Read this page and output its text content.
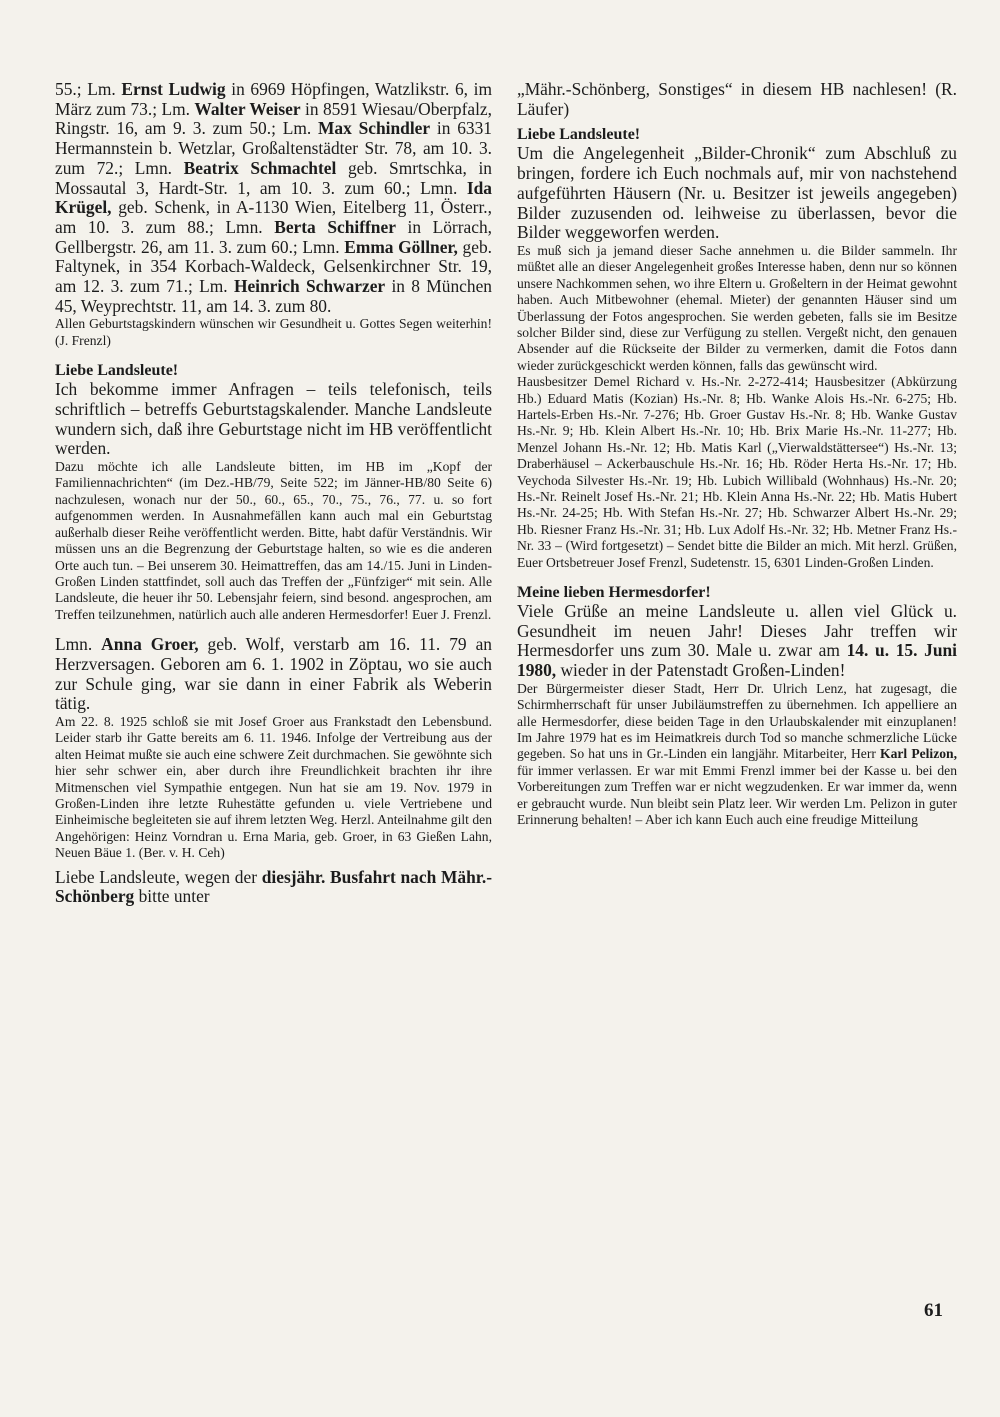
55.; Lm. Ernst Ludwig in 6969 Höpfingen, Watzlikstr. 6, im März zum 73.; Lm. Walter Weiser in 8591 Wiesau/Oberpfalz, Ringstr. 16, am 9. 3. zum 50.; Lm. Max Schindler in 6331 Hermannstein b. Wetzlar, Großaltenstädter Str. 78, am 10. 3. zum 72.; Lmn. Beatrix Schmachtel geb. Smrtschka, in Mossautal 3, Hardt-Str. 1, am 10. 3. zum 60.; Lmn. Ida Krügel, geb. Schenk, in A-1130 Wien, Eitelberg 11, Österr., am 10. 3. zum 88.; Lmn. Berta Schiffner in Lörrach, Gellbergstr. 26, am 11. 3. zum 60.; Lmn. Emma Göllner, geb. Faltynek, in 354 Korbach-Waldeck, Gelsenkirchner Str. 19, am 12. 3. zum 71.; Lm. Heinrich Schwarzer in 8 München 45, Weyprechtstr. 11, am 14. 3. zum 80.

Allen Geburtstagskindern wünschen wir Gesundheit u. Gottes Segen weiterhin! (J. Frenzl)

Liebe Landsleute!

Ich bekomme immer Anfragen – teils telefonisch, teils schriftlich – betreffs Geburtstagskalender. Manche Landsleute wundern sich, daß ihre Geburtstage nicht im HB veröffentlicht werden.

Dazu möchte ich alle Landsleute bitten, im HB im „Kopf der Familiennachrichten“ (im Dez.-HB/79, Seite 522; im Jänner-HB/80 Seite 6) nachzulesen, wonach nur der 50., 60., 65., 70., 75., 76., 77. u. so fort aufgenommen werden. In Ausnahmefällen kann auch mal ein Geburtstag außerhalb dieser Reihe veröffentlicht werden. Bitte, habt dafür Verständnis. Wir müssen uns an die Begrenzung der Geburtstage halten, so wie es die anderen Orte auch tun. – Bei unserem 30. Heimattreffen, das am 14./15. Juni in Linden-Großen Linden stattfindet, soll auch das Treffen der „Fünfziger“ mit sein. Alle Landsleute, die heuer ihr 50. Lebensjahr feiern, sind besond. angesprochen, am Treffen teilzunehmen, natürlich auch alle anderen Hermesdorfer! Euer J. Frenzl.

Lmn. Anna Groer, geb. Wolf, verstarb am 16. 11. 79 an Herzversagen. Geboren am 6. 1. 1902 in Zöptau, wo sie auch zur Schule ging, war sie dann in einer Fabrik als Weberin tätig.

Am 22. 8. 1925 schloß sie mit Josef Groer aus Frankstadt den Lebensbund. Leider starb ihr Gatte bereits am 6. 11. 1946. Infolge der Vertreibung aus der alten Heimat mußte sie auch eine schwere Zeit durchmachen. Sie gewöhnte sich hier sehr schwer ein, aber durch ihre Freundlichkeit brachten ihr ihre Mitmenschen viel Sympathie entgegen. Nun hat sie am 19. Nov. 1979 in Großen-Linden ihre letzte Ruhestätte gefunden u. viele Vertriebene und Einheimische begleiteten sie auf ihrem letzten Weg. Herzl. Anteilnahme gilt den Angehörigen: Heinz Vorndran u. Erna Maria, geb. Groer, in 63 Gießen Lahn, Neuen Bäue 1. (Ber. v. H. Ceh)

Liebe Landsleute, wegen der diesjähr. Busfahrt nach Mähr.-Schönberg bitte unter

„Mähr.-Schönberg, Sonstiges“ in diesem HB nachlesen! (R. Läufer)

Liebe Landsleute!

Um die Angelegenheit „Bilder-Chronik“ zum Abschluß zu bringen, fordere ich Euch nochmals auf, mir von nachstehend aufgeführten Häusern (Nr. u. Besitzer ist jeweils angegeben) Bilder zuzusenden od. leihweise zu überlassen, bevor die Bilder weggeworfen werden.

Es muß sich ja jemand dieser Sache annehmen u. die Bilder sammeln. Ihr müßtet alle an dieser Angelegenheit großes Interesse haben, denn nur so können unsere Nachkommen sehen, wo ihre Eltern u. Großeltern in der Heimat gewohnt haben. Auch Mitbewohner (ehemal. Mieter) der genannten Häuser sind um Überlassung der Fotos angesprochen. Sie werden gebeten, falls sie im Besitze solcher Bilder sind, diese zur Verfügung zu stellen. Vergeßt nicht, den genauen Absender auf die Rückseite der Bilder zu vermerken, damit die Fotos dann wieder zurückgeschickt werden können, falls das gewünscht wird.

Hausbesitzer Demel Richard v. Hs.-Nr. 2-272-414; Hausbesitzer (Abkürzung Hb.) Eduard Matis (Kozian) Hs.-Nr. 8; Hb. Wanke Alois Hs.-Nr. 6-275; Hb. Hartels-Erben Hs.-Nr. 7-276; Hb. Groer Gustav Hs.-Nr. 8; Hb. Wanke Gustav Hs.-Nr. 9; Hb. Klein Albert Hs.-Nr. 10; Hb. Brix Marie Hs.-Nr. 11-277; Hb. Menzel Johann Hs.-Nr. 12; Hb. Matis Karl („Vierwaldstättersee“) Hs.-Nr. 13; Draberhäusel – Ackerbauschule Hs.-Nr. 16; Hb. Röder Herta Hs.-Nr. 17; Hb. Veychoda Silvester Hs.-Nr. 19; Hb. Lubich Willibald (Wohnhaus) Hs.-Nr. 20; Hs.-Nr. Reinelt Josef Hs.-Nr. 21; Hb. Klein Anna Hs.-Nr. 22; Hb. Matis Hubert Hs.-Nr. 24-25; Hb. With Stefan Hs.-Nr. 27; Hb. Schwarzer Albert Hs.-Nr. 29; Hb. Riesner Franz Hs.-Nr. 31; Hb. Lux Adolf Hs.-Nr. 32; Hb. Metner Franz Hs.-Nr. 33 – (Wird fortgesetzt) – Sendet bitte die Bilder an mich. Mit herzl. Grüßen, Euer Ortsbetreuer Josef Frenzl, Sudetenstr. 15, 6301 Linden-Großen Linden.

Meine lieben Hermesdorfer!

Viele Grüße an meine Landsleute u. allen viel Glück u. Gesundheit im neuen Jahr! Dieses Jahr treffen wir Hermesdorfer uns zum 30. Male u. zwar am 14. u. 15. Juni 1980, wieder in der Patenstadt Großen-Linden!

Der Bürgermeister dieser Stadt, Herr Dr. Ulrich Lenz, hat zugesagt, die Schirmherrschaft für unser Jubiläumstreffen zu übernehmen. Ich appelliere an alle Hermesdorfer, diese beiden Tage in den Urlaubskalender mit einzuplanen! Im Jahre 1979 hat es im Heimatkreis durch Tod so manche schmerzliche Lücke gegeben. So hat uns in Gr.-Linden ein langjähr. Mitarbeiter, Herr Karl Pelizon, für immer verlassen. Er war mit Emmi Frenzl immer bei der Kasse u. bei den Vorbereitungen zum Treffen war er nicht wegzudenken. Er war immer da, wenn er gebraucht wurde. Nun bleibt sein Platz leer. Wir werden Lm. Pelizon in guter Erinnerung behalten! – Aber ich kann Euch auch eine freudige Mitteilung

61
